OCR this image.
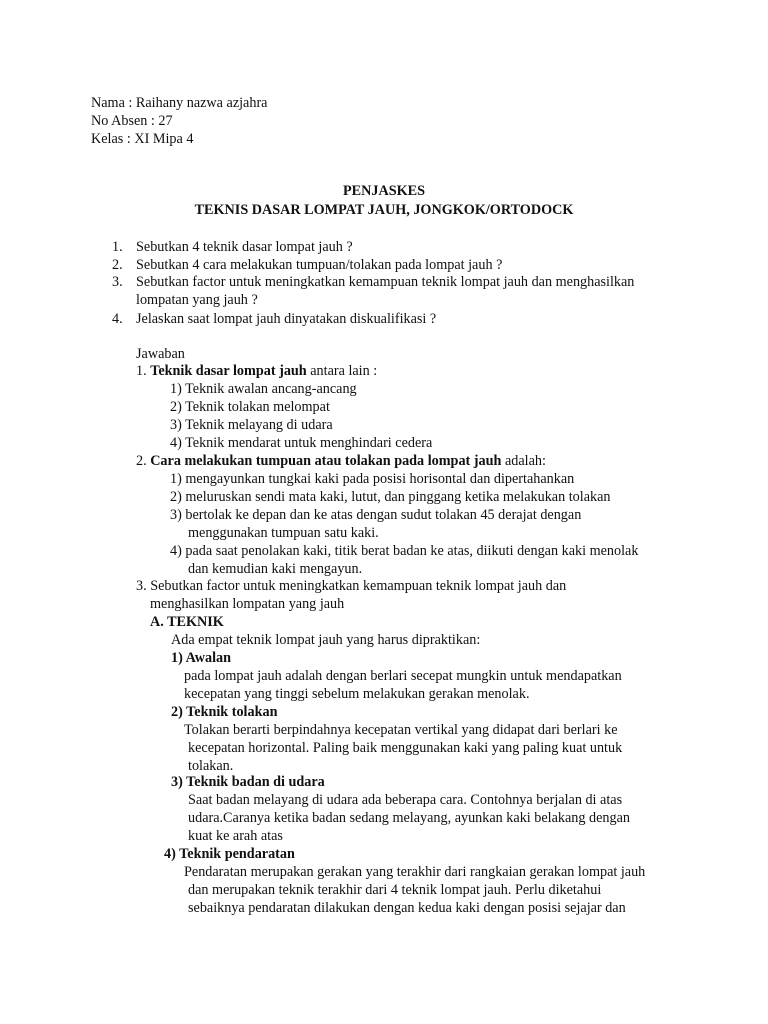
Nama : Raihany nazwa azjahra
No Absen : 27
Kelas : XI Mipa 4
PENJASKES
TEKNIS DASAR LOMPAT JAUH, JONGKOK/ORTODOCK
1. Sebutkan 4 teknik dasar lompat jauh ?
2. Sebutkan 4 cara melakukan tumpuan/tolakan pada lompat jauh ?
3. Sebutkan factor untuk meningkatkan kemampuan teknik lompat jauh dan menghasilkan
lompatan yang jauh ?
4. Jelaskan saat lompat jauh dinyatakan diskualifikasi ?
Jawaban
1. Teknik dasar lompat jauh antara lain :
1) Teknik awalan ancang-ancang
2) Teknik tolakan melompat
3) Teknik melayang di udara
4) Teknik mendarat untuk menghindari cedera
2. Cara melakukan tumpuan atau tolakan pada lompat jauh adalah:
1) mengayunkan tungkai kaki pada posisi horisontal dan dipertahankan
2) meluruskan sendi mata kaki, lutut, dan pinggang ketika melakukan tolakan
3) bertolak ke depan dan ke atas dengan sudut tolakan 45 derajat dengan
menggunakan tumpuan satu kaki.
4) pada saat penolakan kaki, titik berat badan ke atas, diikuti dengan kaki menolak
dan kemudian kaki mengayun.
3. Sebutkan factor untuk meningkatkan kemampuan teknik lompat jauh dan
menghasilkan lompatan yang jauh
A. TEKNIK
Ada empat teknik lompat jauh yang harus dipraktikan:
1) Awalan
pada lompat jauh adalah dengan berlari secepat mungkin untuk mendapatkan
kecepatan yang tinggi sebelum melakukan gerakan menolak.
2) Teknik tolakan
Tolakan berarti berpindahnya kecepatan vertikal yang didapat dari berlari ke
kecepatan horizontal. Paling baik menggunakan kaki yang paling kuat untuk
tolakan.
3) Teknik badan di udara
Saat badan melayang di udara ada beberapa cara. Contohnya berjalan di atas
udara.Caranya ketika badan sedang melayang, ayunkan kaki belakang dengan
kuat ke arah atas
4) Teknik pendaratan
Pendaratan merupakan gerakan yang terakhir dari rangkaian gerakan lompat jauh
dan merupakan teknik terakhir dari 4 teknik lompat jauh. Perlu diketahui
sebaiknya pendaratan dilakukan dengan kedua kaki dengan posisi sejajar dan
